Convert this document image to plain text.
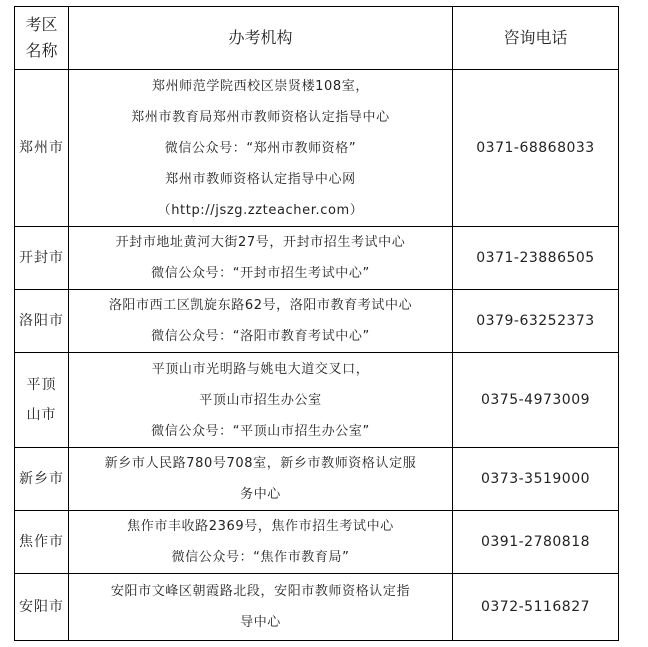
考区名称	办考机构	咨询电话
郑州市	郑州师范学院西校区崇贤楼108室，
郑州市教育局郑州市教师资格认定指导中心
微信公众号：“郑州市教师资格”
郑州市教师资格认定指导中心网
（http://jszg.zzteacher.com）	0371-68868033
开封市	开封市地址黄河大街27号，开封市招生考试中心
微信公众号：“开封市招生考试中心”	0371-23886505
洛阳市	洛阳市西工区凯旋东路62号，洛阳市教育考试中心
微信公众号：“洛阳市教育考试中心”	0379-63252373

平顶山市	平顶山市光明路与姚电大道交叉口，
平顶山市招生办公室
微信公众号：“平顶山市招生办公室”	0375-4973009
新乡市	新乡市人民路780号708室，新乡市教师资格认定服
务中心	0373-3519000
焦作市	焦作市丰收路2369号，焦作市招生考试中心
微信公众号：“焦作市教育局”	0391-2780818
安阳市	安阳市文峰区朝霞路北段，安阳市教师资格认定指
导中心	0372-5116827
